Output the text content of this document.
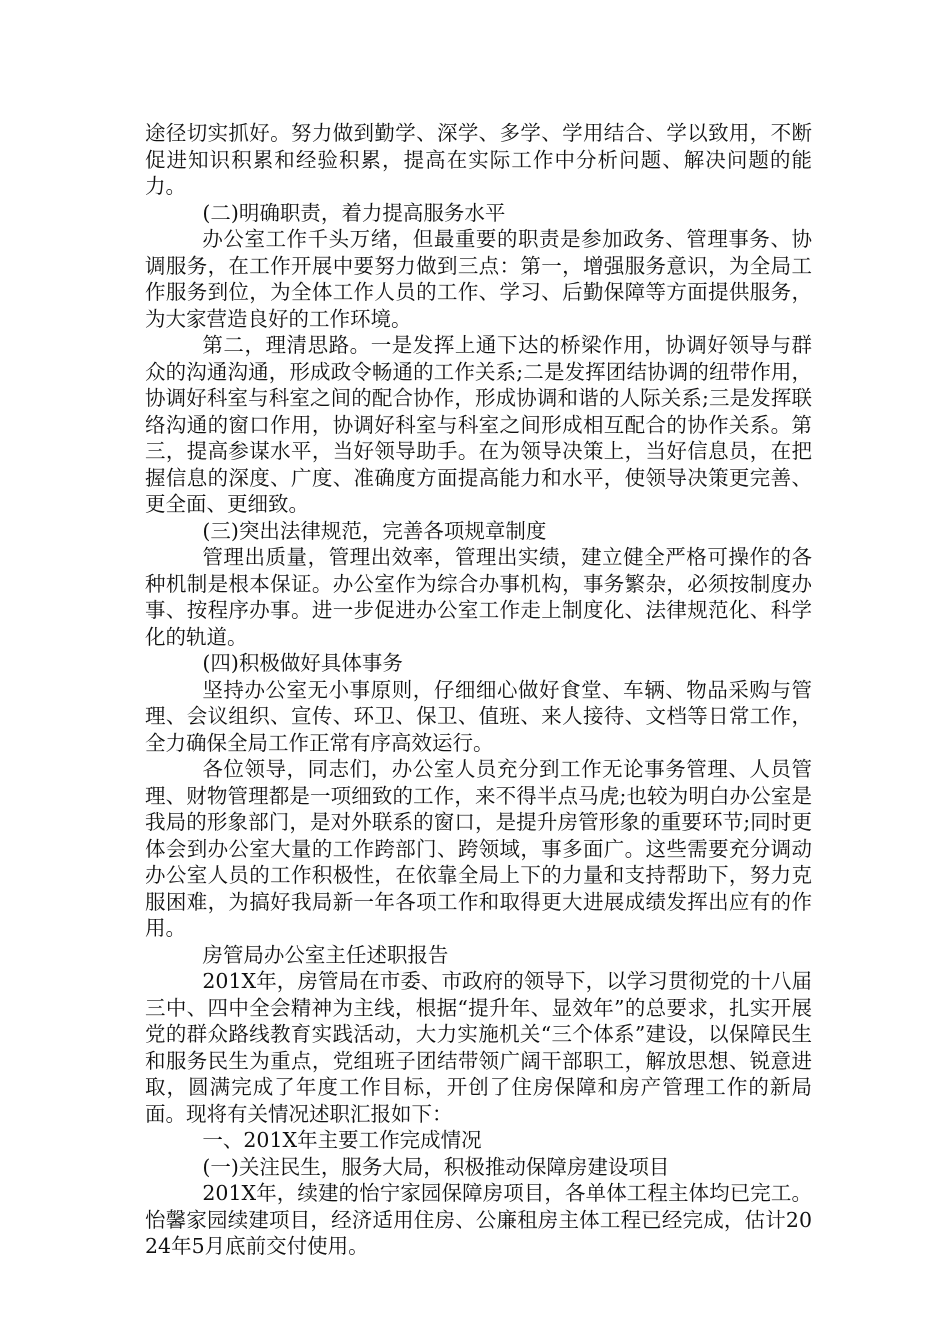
途径切实抓好。努力做到勤学、深学、多学、学用结合、学以致用，不断促进知识积累和经验积累，提高在实际工作中分析问题、解决问题的能力。

(二)明确职责，着力提高服务水平

办公室工作千头万绪，但最重要的职责是参加政务、管理事务、协调服务，在工作开展中要努力做到三点：第一，增强服务意识，为全局工作服务到位，为全体工作人员的工作、学习、后勤保障等方面提供服务，为大家营造良好的工作环境。

第二，理清思路。一是发挥上通下达的桥梁作用，协调好领导与群众的沟通沟通，形成政令畅通的工作关系;二是发挥团结协调的纽带作用，协调好科室与科室之间的配合协作，形成协调和谐的人际关系;三是发挥联络沟通的窗口作用，协调好科室与科室之间形成相互配合的协作关系。第三，提高参谋水平，当好领导助手。在为领导决策上，当好信息员，在把握信息的深度、广度、准确度方面提高能力和水平，使领导决策更完善、更全面、更细致。

(三)突出法律规范，完善各项规章制度

管理出质量，管理出效率，管理出实绩，建立健全严格可操作的各种机制是根本保证。办公室作为综合办事机构，事务繁杂，必须按制度办事、按程序办事。进一步促进办公室工作走上制度化、法律规范化、科学化的轨道。

(四)积极做好具体事务

坚持办公室无小事原则，仔细细心做好食堂、车辆、物品采购与管理、会议组织、宣传、环卫、保卫、值班、来人接待、文档等日常工作，全力确保全局工作正常有序高效运行。

各位领导，同志们，办公室人员充分到工作无论事务管理、人员管理、财物管理都是一项细致的工作，来不得半点马虎;也较为明白办公室是我局的形象部门，是对外联系的窗口，是提升房管形象的重要环节;同时更体会到办公室大量的工作跨部门、跨领域，事多面广。这些需要充分调动办公室人员的工作积极性，在依靠全局上下的力量和支持帮助下，努力克服困难，为搞好我局新一年各项工作和取得更大进展成绩发挥出应有的作用。

房管局办公室主任述职报告

201X年，房管局在市委、市政府的领导下，以学习贯彻党的十八届三中、四中全会精神为主线，根据“提升年、显效年”的总要求，扎实开展党的群众路线教育实践活动，大力实施机关“三个体系”建设，以保障民生和服务民生为重点，党组班子团结带领广阔干部职工，解放思想、锐意进取，圆满完成了年度工作目标，开创了住房保障和房产管理工作的新局面。现将有关情况述职汇报如下：

一、201X年主要工作完成情况

(一)关注民生，服务大局，积极推动保障房建设项目

201X年，续建的怡宁家园保障房项目，各单体工程主体均已完工。怡馨家园续建项目，经济适用住房、公廉租房主体工程已经完成，估计2024年5月底前交付使用。
